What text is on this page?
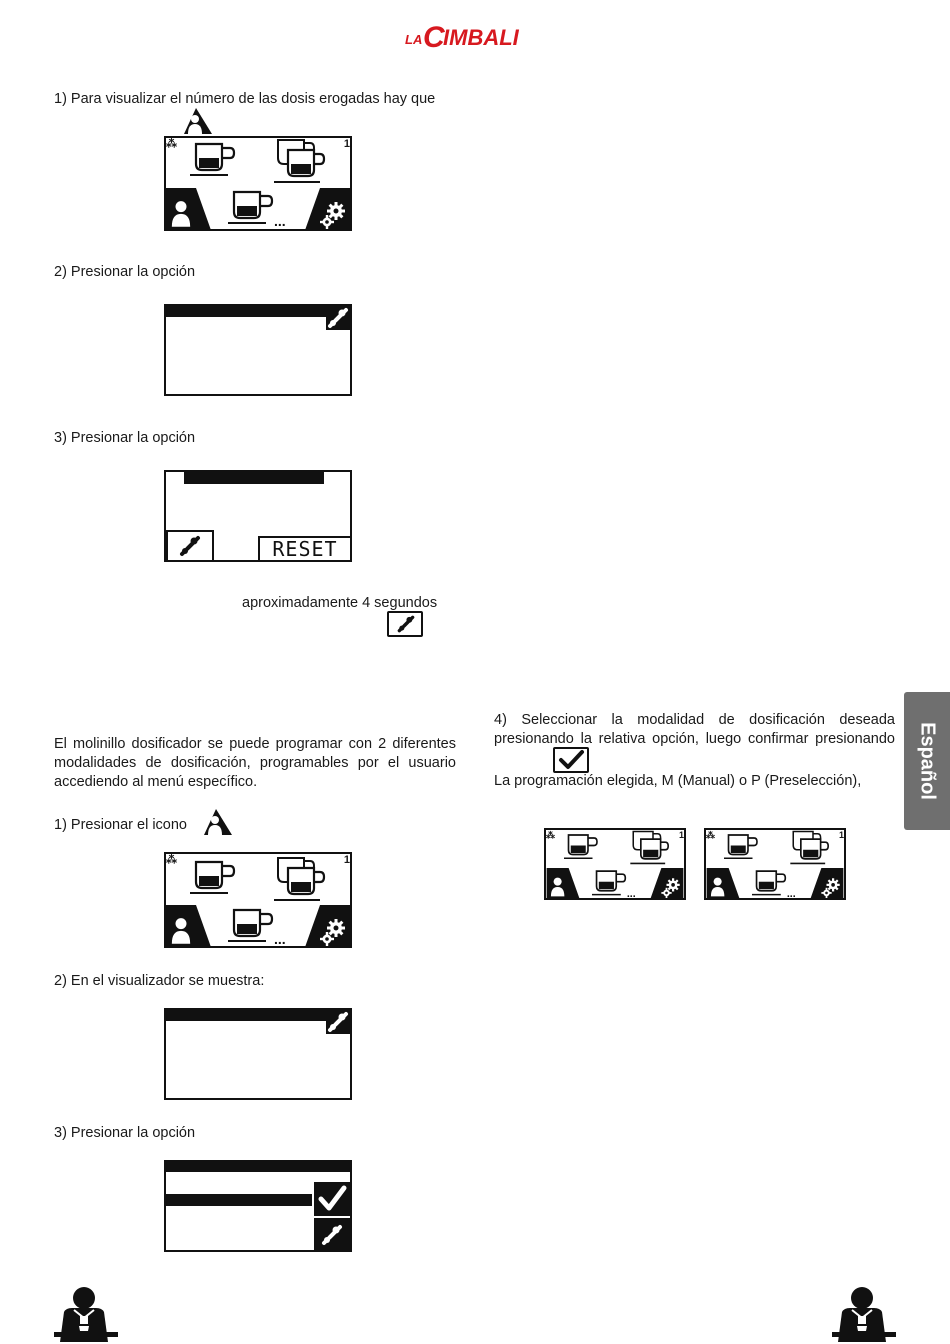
LA C
IMBALI
1) Para visualizar el número de las dosis erogadas hay que
⁂	1
...
2) Presionar la opción
3) Presionar la opción
RESET
aproximadamente 4 segundos
El molinillo dosificador se puede programar con 2 diferentes
modalidades de dosificación, programables por el usuario
accediendo al menú específico.
1) Presionar el icono
⁂	1
...
2) En el visualizador se muestra:
3) Presionar la opción
4) Seleccionar la modalidad de dosificación deseada
presionando la relativa opción, luego confirmar presionando
La programación elegida, M (Manual) o P (Preselección),
⁂	1
...
⁂	1
...
Español
